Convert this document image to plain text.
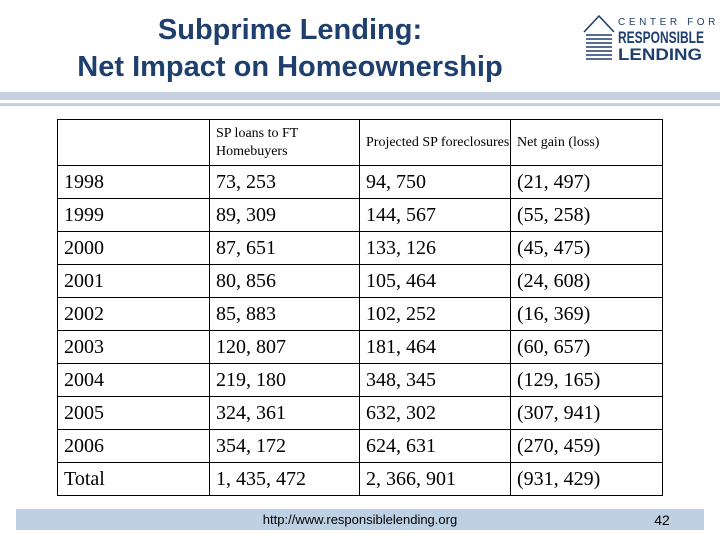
Subprime Lending:
Net Impact on Homeownership
CENTER FOR
RESPONSIBLE
LENDING
	SP loans to FT Homebuyers	Projected SP foreclosures	Net gain (loss)
1998	73, 253	94, 750	(21, 497)
1999	89, 309	144, 567	(55, 258)
2000	87, 651	133, 126	(45, 475)
2001	80, 856	105, 464	(24, 608)
2002	85, 883	102, 252	(16, 369)
2003	120, 807	181, 464	(60, 657)
2004	219, 180	348, 345	(129, 165)
2005	324, 361	632, 302	(307, 941)
2006	354, 172	624, 631	(270, 459)
Total	1, 435, 472	2, 366, 901	(931, 429)
http://www.responsiblelending.org	42
